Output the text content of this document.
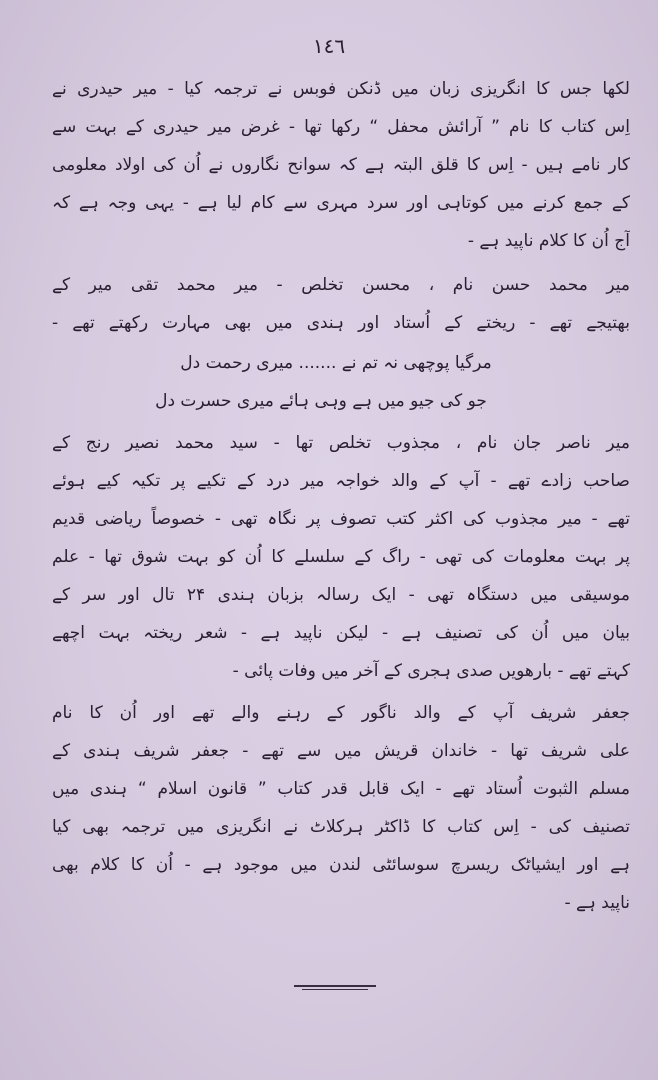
١٤٦
لکھا جس کا انگریزی زبان میں ڈنکن فوبس نے ترجمہ کیا - میر حیدری نے
اِس کتاب کا نام ” آرائش محفل “ رکھا تھا - غرض میر حیدری کے بہت سے
کار نامے ہیں - اِس کا قلق البتہ ہے کہ سوانح نگاروں نے اُن کی اولاد معلومی
کے جمع کرنے میں کوتاہی اور سرد مہری سے کام لیا ہے - یہی وجہ ہے کہ
آج اُن کا کلام ناپید ہے -
میر محمد حسن نام ، محسن تخلص - میر محمد تقی میر کے
بھتیجے تھے - ریختے کے اُستاد اور ہندی میں بھی مہارت رکھتے تھے -
مرگیا پوچھی نہ تم نے ....... میری رحمت دل
جو کی جیو میں ہے وہی ہائے میری حسرت دل
میر ناصر جان نام ، مجذوب تخلص تھا - سید محمد نصیر رنج کے
صاحب زادے تھے - آپ کے والد خواجہ میر درد کے تکیے پر تکیہ کیے ہوئے
تھے - میر مجذوب کی اکثر کتب تصوف پر نگاہ تھی - خصوصاً ریاضی قدیم
پر بہت معلومات کی تھی - راگ کے سلسلے کا اُن کو بہت شوق تھا - علم
موسیقی میں دستگاہ تھی - ایک رسالہ بزبان ہندی ۲۴ تال اور سر کے
بیان میں اُن کی تصنیف ہے - لیکن ناپید ہے - شعر ریختہ بہت اچھے
کہتے تھے - بارھویں صدی ہجری کے آخر میں وفات پائی -
جعفر شریف آپ کے والد ناگور کے رہنے والے تھے اور اُن کا نام
علی شریف تھا - خاندان قریش میں سے تھے - جعفر شریف ہندی کے
مسلم الثبوت اُستاد تھے - ایک قابل قدر کتاب ” قانون اسلام “ ہندی میں
تصنیف کی - اِس کتاب کا ڈاکٹر ہرکلاٹ نے انگریزی میں ترجمہ بھی کیا
ہے اور ایشیاٹک ریسرچ سوسائٹی لندن میں موجود ہے - اُن کا کلام بھی
ناپید ہے -
